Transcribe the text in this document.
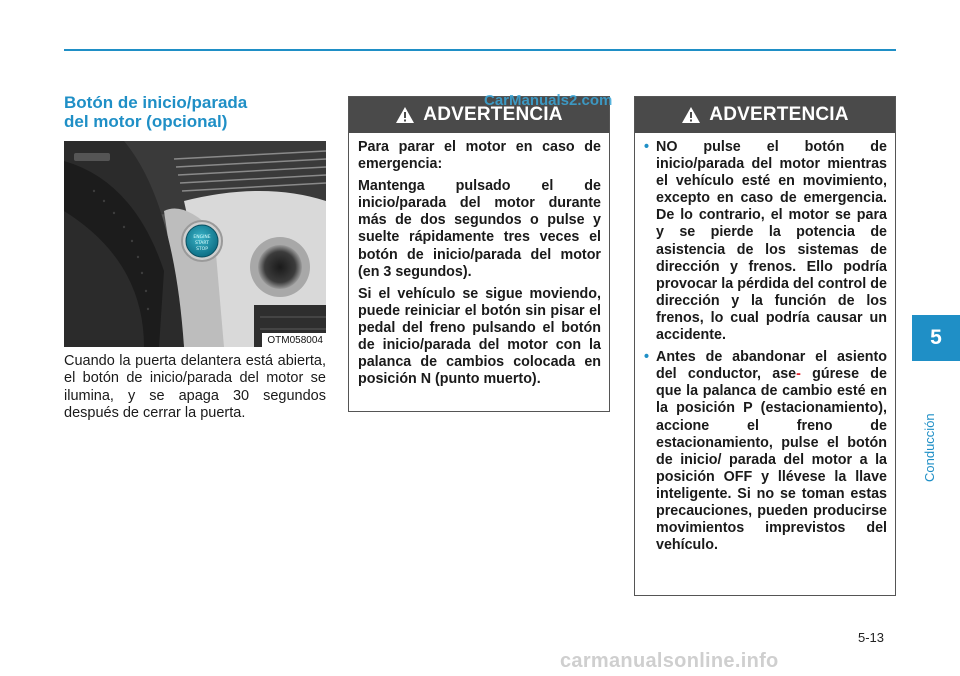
Botón de inicio/parada
del motor (opcional)
ENGINE
START
STOP
OTM058004

Cuando la puerta delantera está abierta, el botón de inicio/parada del motor se ilumina, y se apaga 30 segundos después de cerrar la puerta.

ADVERTENCIA

Para parar el motor en caso de emergencia:

Mantenga pulsado el de inicio/parada del motor durante más de dos segundos o pulse y suelte rápidamente tres veces el botón de inicio/parada del motor (en 3 segundos).

Si el vehículo se sigue moviendo, puede reiniciar el botón sin pisar el pedal del freno pulsando el botón de inicio/parada del motor con la palanca de cambios colocada en posición N (punto muerto).

ADVERTENCIA
• NO pulse el botón de inicio/parada del motor mientras el vehículo esté en movimiento, excepto en caso de emergencia. De lo contrario, el motor se para y se pierde la potencia de asistencia de los sistemas de dirección y frenos. Ello podría provocar la pérdida del control de dirección y la función de los frenos, lo cual podría causar un accidente.
• Antes de abandonar el asiento del conductor, ase- gúrese de que la palanca de cambio esté en la posición P (estacionamiento), accione el freno de estacionamiento, pulse el botón de inicio/ parada del motor a la posición OFF y llévese la llave inteligente. Si no se toman estas precauciones, pueden producirse movimientos imprevistos del vehículo.
CarManuals2.com
5
Conducción
5-13
carmanualsonline.info
